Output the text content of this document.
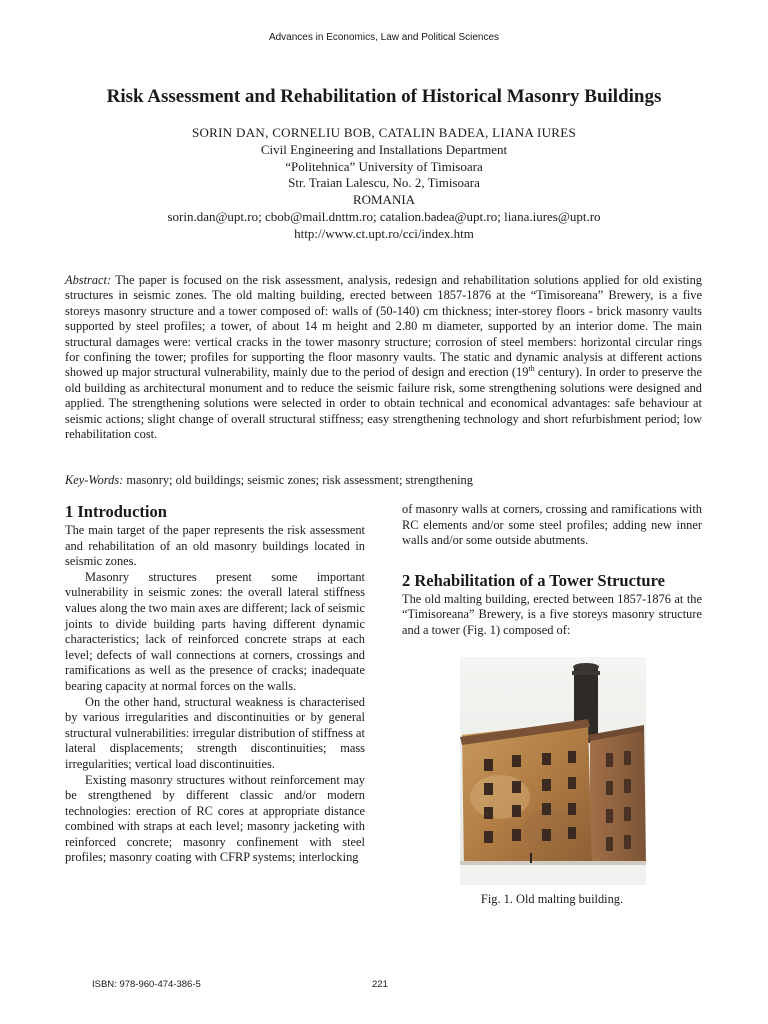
Advances in Economics, Law and Political Sciences
Risk Assessment and Rehabilitation of Historical Masonry Buildings
SORIN DAN, CORNELIU BOB, CATALIN BADEA, LIANA IURES
Civil Engineering and Installations Department
“Politehnica” University of Timisoara
Str. Traian Lalescu, No. 2, Timisoara
ROMANIA
sorin.dan@upt.ro; cbob@mail.dnttm.ro; catalion.badea@upt.ro; liana.iures@upt.ro
http://www.ct.upt.ro/cci/index.htm

Abstract: The paper is focused on the risk assessment, analysis, redesign and rehabilitation solutions applied for old existing structures in seismic zones. The old malting building, erected between 1857-1876 at the “Timisoreana” Brewery, is a five storeys masonry structure and a tower composed of: walls of (50-140) cm thickness; inter-storey floors - brick masonry vaults supported by steel profiles; a tower, of about 14 m height and 2.80 m diameter, supported by an interior dome. The main structural damages were: vertical cracks in the tower masonry structure; corrosion of steel members: horizontal circular rings for confining the tower; profiles for supporting the floor masonry vaults. The static and dynamic analysis at different actions showed up major structural vulnerability, mainly due to the period of design and erection (19th century). In order to preserve the old building as architectural monument and to reduce the seismic failure risk, some strengthening solutions were designed and applied. The strengthening solutions were selected in order to obtain technical and economical advantages: safe behaviour at seismic actions; slight change of overall structural stiffness; easy strengthening technology and short refurbishment period; low rehabilitation cost.

Key-Words: masonry; old buildings; seismic zones; risk assessment; strengthening

1 Introduction

The main target of the paper represents the risk assessment and rehabilitation of an old masonry buildings located in seismic zones.

Masonry structures present some important vulnerability in seismic zones: the overall lateral stiffness values along the two main axes are different; lack of seismic joints to divide building parts having different dynamic characteristics; lack of reinforced concrete straps at each level; defects of wall connections at corners, crossings and ramifications as well as the presence of cracks; inadequate bearing capacity at normal forces on the walls.

On the other hand, structural weakness is characterised by various irregularities and discontinuities or by general structural vulnerabilities: irregular distribution of stiffness at lateral displacements; strength discontinuities; mass irregularities; vertical load discontinuities.

Existing masonry structures without reinforcement may be strengthened by different classic and/or modern technologies: erection of RC cores at appropriate distance combined with straps at each level; masonry jacketing with reinforced concrete; masonry confinement with steel profiles; masonry coating with CFRP systems; interlocking

of masonry walls at corners, crossing and ramifications with RC elements and/or some steel profiles; adding new inner walls and/or some outside abutments.

2 Rehabilitation of a Tower Structure

The old malting building, erected between 1857-1876 at the “Timisoreana” Brewery, is a five storeys masonry structure and a tower (Fig. 1) composed of:

Fig. 1. Old malting building.
ISBN: 978-960-474-386-5	221
